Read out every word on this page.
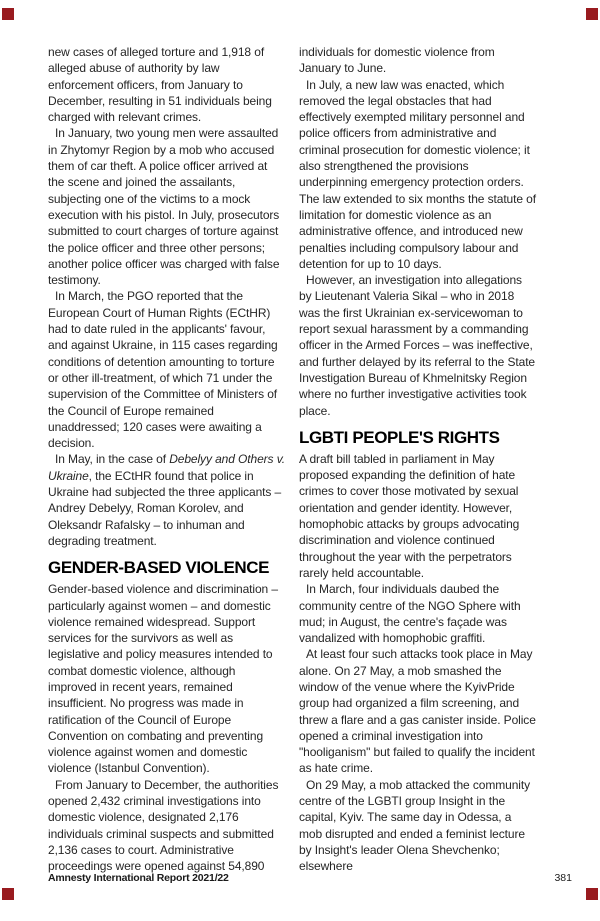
new cases of alleged torture and 1,918 of alleged abuse of authority by law enforcement officers, from January to December, resulting in 51 individuals being charged with relevant crimes.

In January, two young men were assaulted in Zhytomyr Region by a mob who accused them of car theft. A police officer arrived at the scene and joined the assailants, subjecting one of the victims to a mock execution with his pistol. In July, prosecutors submitted to court charges of torture against the police officer and three other persons; another police officer was charged with false testimony.

In March, the PGO reported that the European Court of Human Rights (ECtHR) had to date ruled in the applicants' favour, and against Ukraine, in 115 cases regarding conditions of detention amounting to torture or other ill-treatment, of which 71 under the supervision of the Committee of Ministers of the Council of Europe remained unaddressed; 120 cases were awaiting a decision.

In May, in the case of Debelyy and Others v. Ukraine, the ECtHR found that police in Ukraine had subjected the three applicants – Andrey Debelyy, Roman Korolev, and Oleksandr Rafalsky – to inhuman and degrading treatment.

GENDER-BASED VIOLENCE

Gender-based violence and discrimination – particularly against women – and domestic violence remained widespread. Support services for the survivors as well as legislative and policy measures intended to combat domestic violence, although improved in recent years, remained insufficient. No progress was made in ratification of the Council of Europe Convention on combating and preventing violence against women and domestic violence (Istanbul Convention).

From January to December, the authorities opened 2,432 criminal investigations into domestic violence, designated 2,176 individuals criminal suspects and submitted 2,136 cases to court. Administrative proceedings were opened against 54,890

individuals for domestic violence from January to June.

In July, a new law was enacted, which removed the legal obstacles that had effectively exempted military personnel and police officers from administrative and criminal prosecution for domestic violence; it also strengthened the provisions underpinning emergency protection orders. The law extended to six months the statute of limitation for domestic violence as an administrative offence, and introduced new penalties including compulsory labour and detention for up to 10 days.

However, an investigation into allegations by Lieutenant Valeria Sikal – who in 2018 was the first Ukrainian ex-servicewoman to report sexual harassment by a commanding officer in the Armed Forces – was ineffective, and further delayed by its referral to the State Investigation Bureau of Khmelnitsky Region where no further investigative activities took place.

LGBTI PEOPLE'S RIGHTS

A draft bill tabled in parliament in May proposed expanding the definition of hate crimes to cover those motivated by sexual orientation and gender identity. However, homophobic attacks by groups advocating discrimination and violence continued throughout the year with the perpetrators rarely held accountable.

In March, four individuals daubed the community centre of the NGO Sphere with mud; in August, the centre's façade was vandalized with homophobic graffiti.

At least four such attacks took place in May alone. On 27 May, a mob smashed the window of the venue where the KyivPride group had organized a film screening, and threw a flare and a gas canister inside. Police opened a criminal investigation into "hooliganism" but failed to qualify the incident as hate crime.

On 29 May, a mob attacked the community centre of the LGBTI group Insight in the capital, Kyiv. The same day in Odessa, a mob disrupted and ended a feminist lecture by Insight's leader Olena Shevchenko; elsewhere

Amnesty International Report 2021/22	381
